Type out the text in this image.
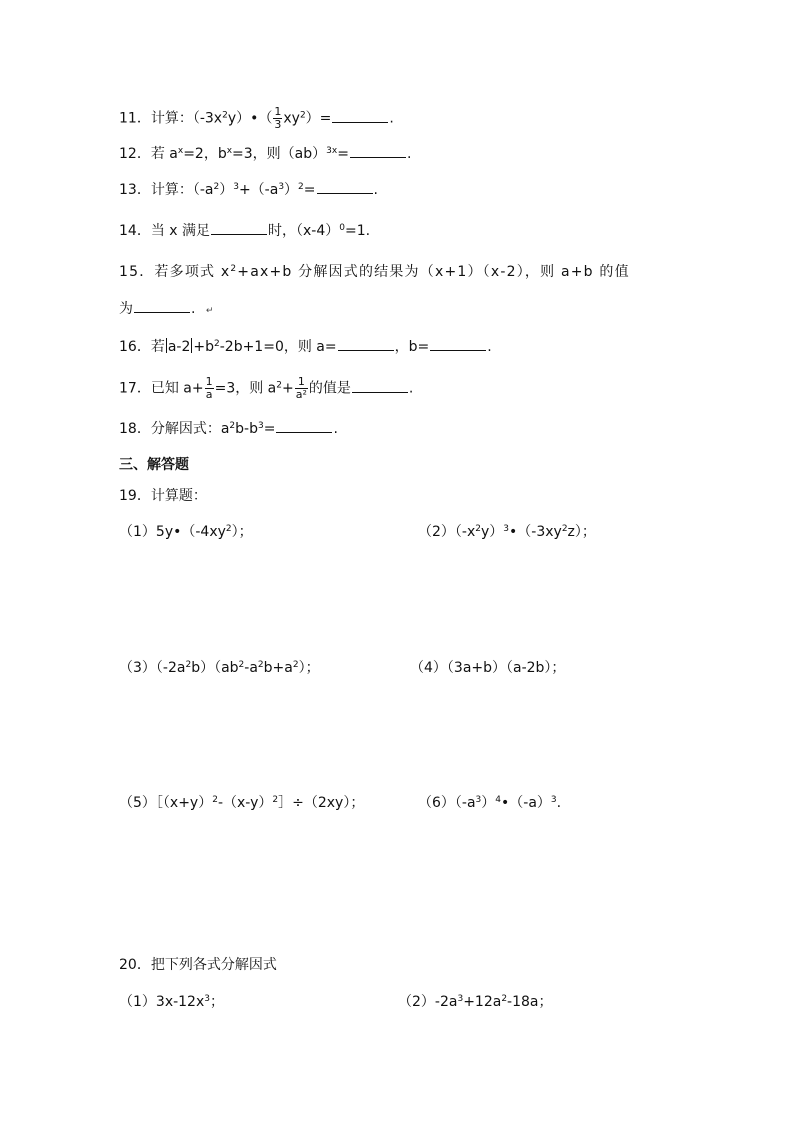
11．计算：$(-3x^2y)•( \frac{1}{3} xy^2)=$	.
12．若 $a^x=2$，$b^x=3$，则（ab）$^{3x}$=	.
13．计算：$(-a^2)^3+(-a^3)^2=$	.
14．当 x 满足	时，$(x-4)^0=1$.
15．若多项式 $x^2+ax+b$ 分解因式的结果为（x+1）（x-2），则 a+b 的值
为	. ↵
16．若 $a-2 +b^2-2b+1=0$，则 a=	，b=	.
17．已知 $a+ \frac{1}{a} =3$，则 $a^2+ \frac{1}{\text{a²}}$ 的值是	.
18．分解因式：$a^2b-b^3=$	.
三、解答题
19．计算题：
$(1)5y•(-4xy^2)$；	$(2)(-x^2y)^3•(-3xy^2z)$；
$(3)(-2a^2b)(ab^2-a^2b+a^2)$；	（4）（3a+b）（a-2b）；
$(5)[(x+y)^2-(x-y)^2]\div(2xy)$；	$(6)(-a^3)^4•(-a)^3$.
20．把下列各式分解因式
$(1)3x-12x^3$；	$(2)-2a^3+12a^2-18a$；
